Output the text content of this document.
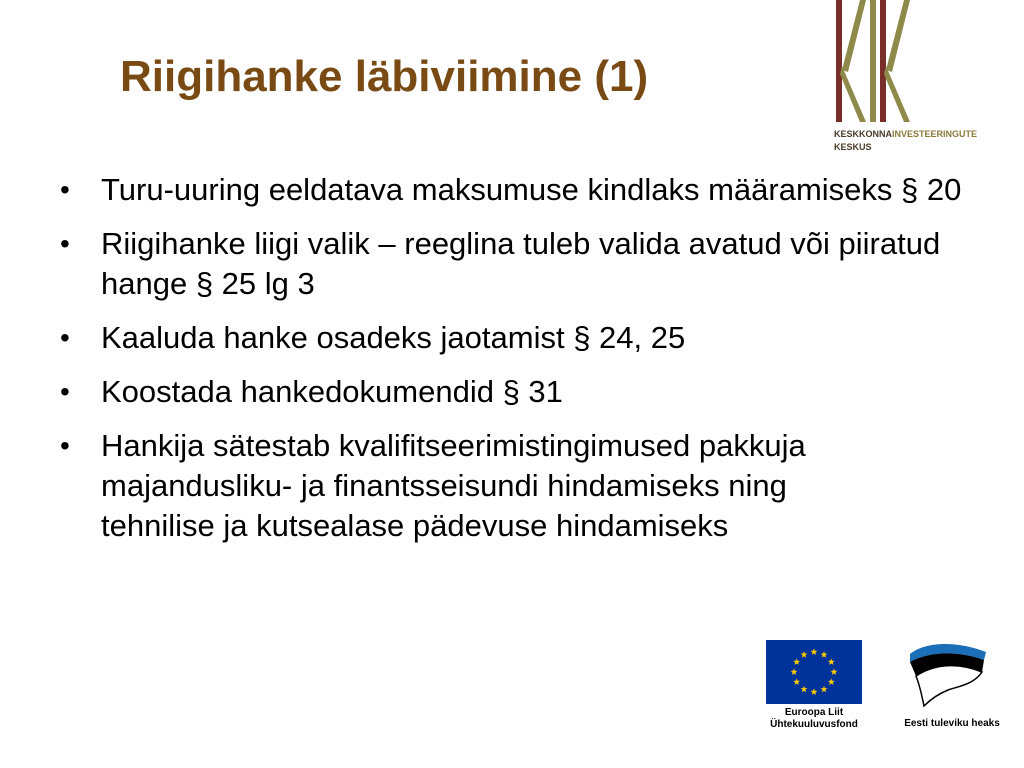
Riigihanke läbiviimine (1)
KESKKONNAINVESTEERINGUTE
KESKUS
• Turu-uuring eeldatava maksumuse kindlaks määramiseks § 20
• Riigihanke liigi valik – reeglina tuleb valida avatud või piiratud hange § 25 lg 3
• Kaaluda hanke osadeks jaotamist § 24, 25
• Koostada hankedokumendid § 31
• Hankija sätestab kvalifitseerimistingimused pakkuja majandusliku- ja finantsseisundi hindamiseks ning tehnilise ja kutsealase pädevuse hindamiseks
Euroopa Liit
Ühtekuuluvusfond	Eesti tuleviku heaks
